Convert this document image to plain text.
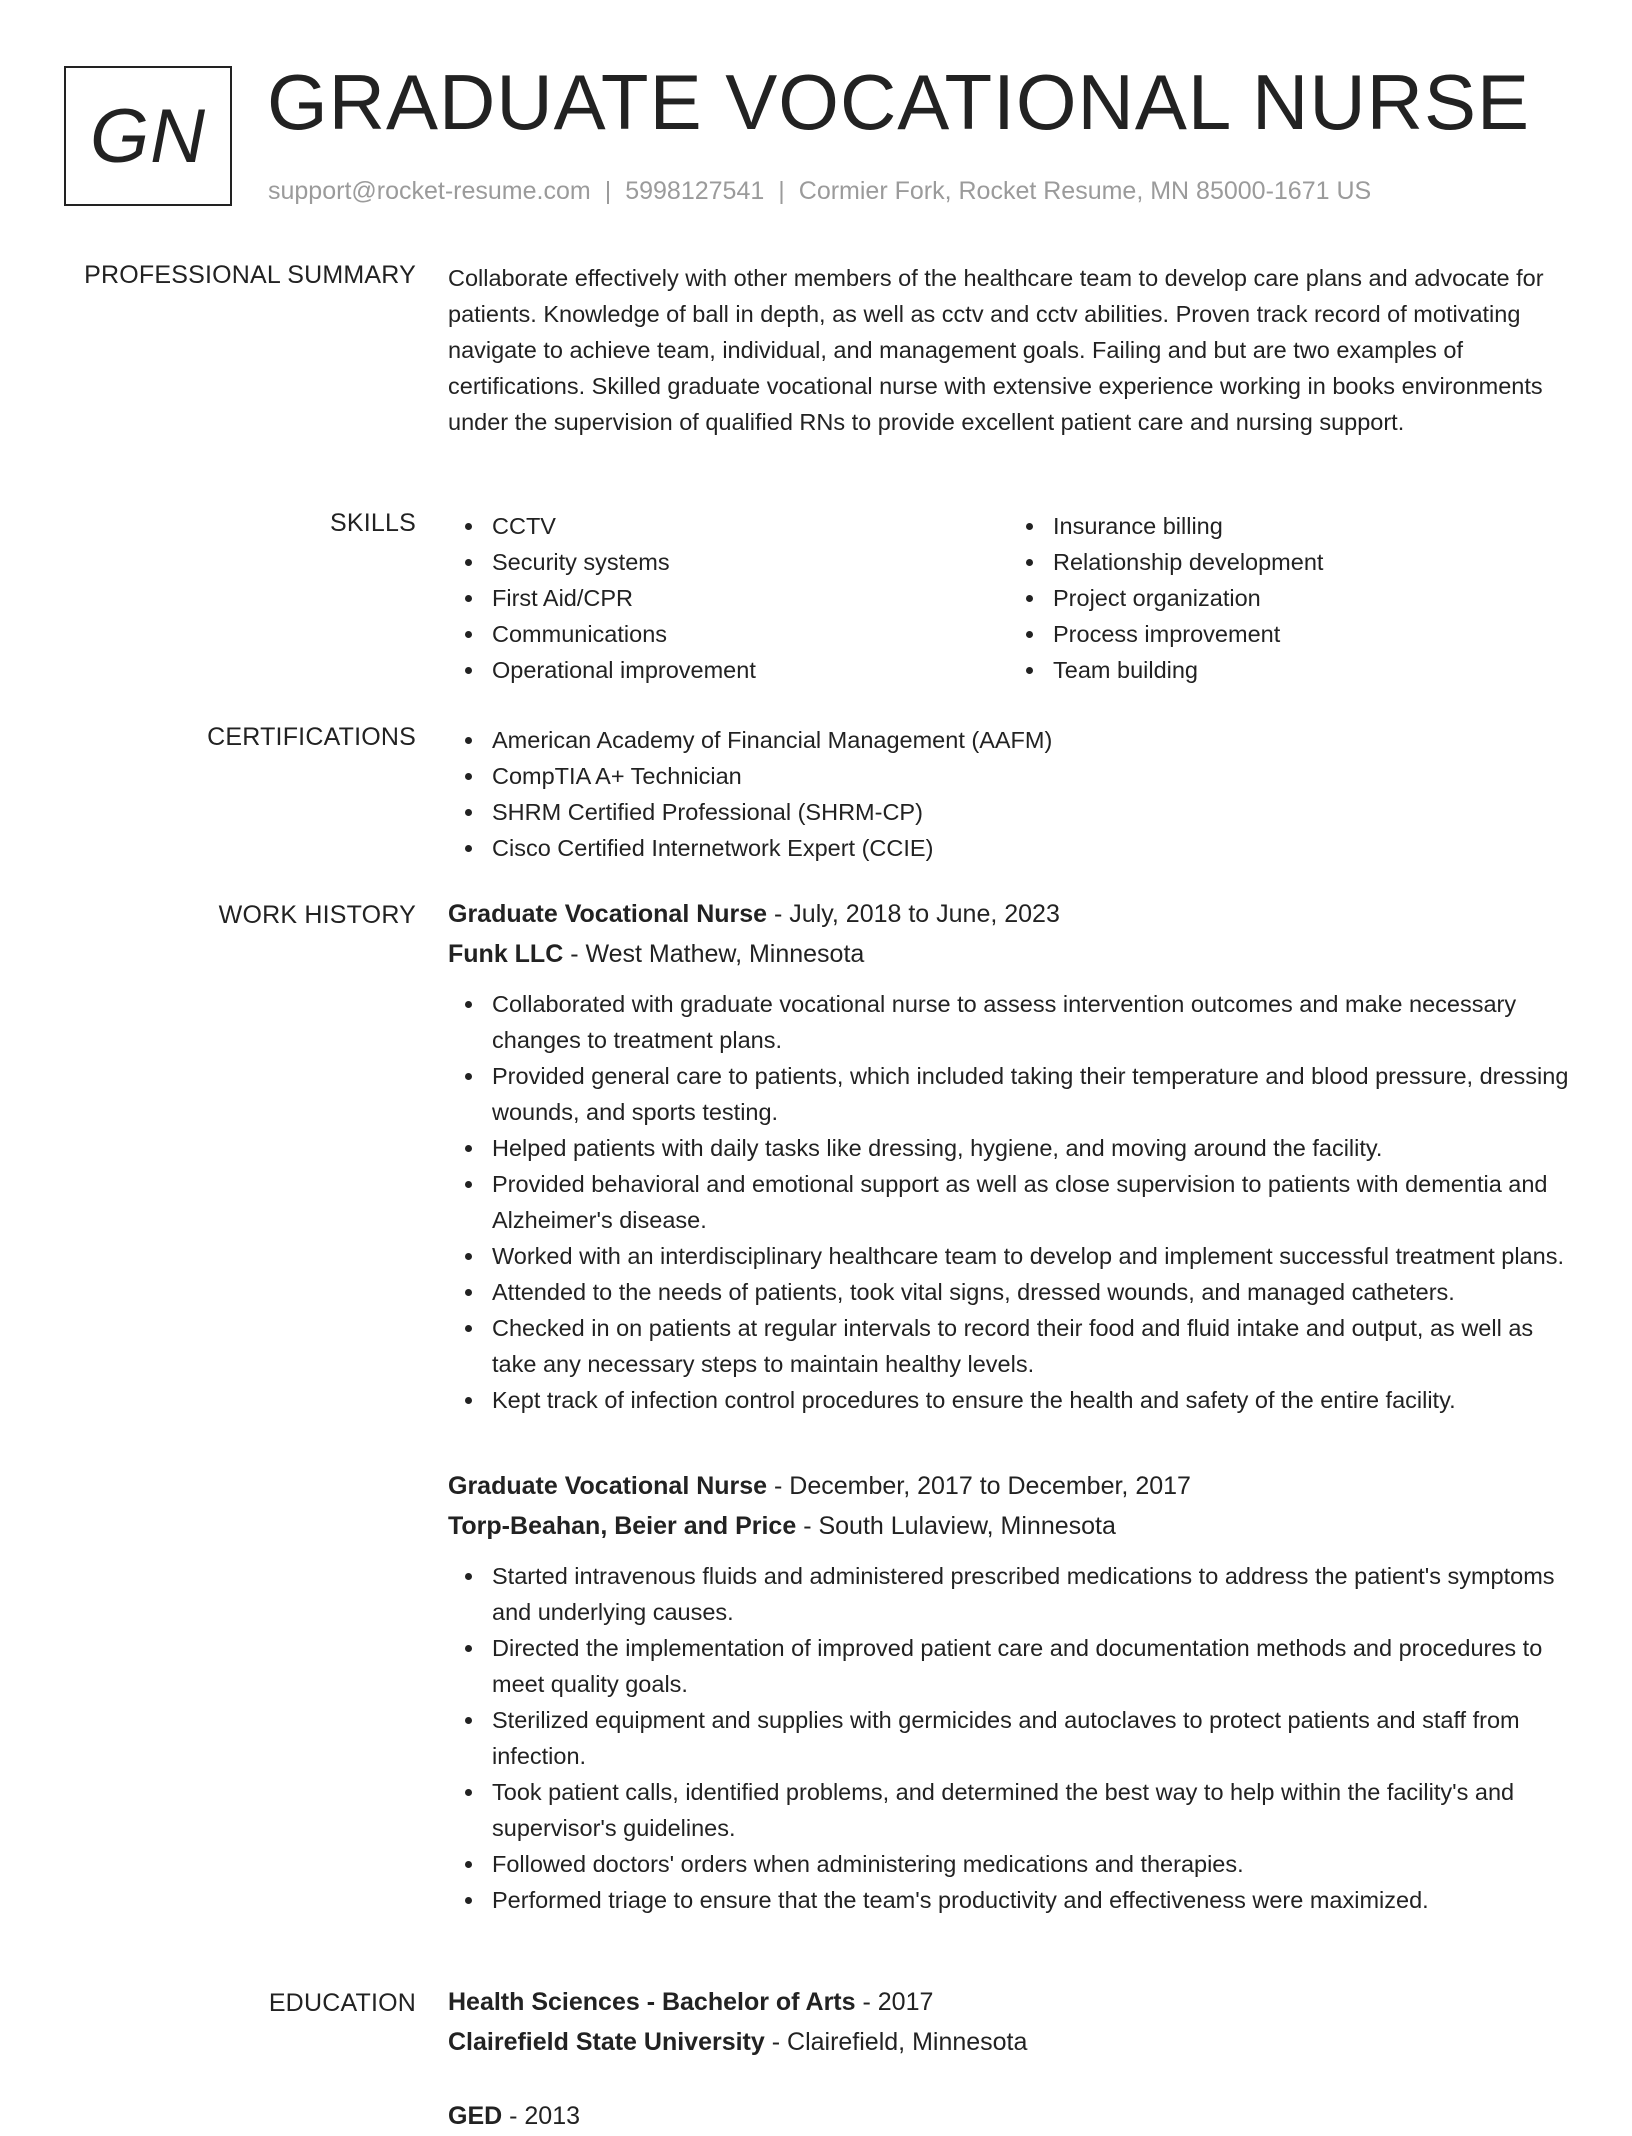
GN GRADUATE VOCATIONAL NURSE
support@rocket-resume.com | 5998127541 | Cormier Fork, Rocket Resume, MN 85000-1671 US
PROFESSIONAL SUMMARY Collaborate effectively with other members of the healthcare team to develop care plans and advocate for patients. Knowledge of ball in depth, as well as cctv and cctv abilities. Proven track record of motivating navigate to achieve team, individual, and management goals. Failing and but are two examples of certifications. Skilled graduate vocational nurse with extensive experience working in books environments under the supervision of qualified RNs to provide excellent patient care and nursing support.

SKILLS	CCTV
Security systems
First Aid/CPR
Communications
Operational improvement
Insurance billing
Relationship development
Project organization
Process improvement
Team building
CERTIFICATIONS	American Academy of Financial Management (AAFM)
CompTIA A+ Technician
SHRM Certified Professional (SHRM-CP)
Cisco Certified Internetwork Expert (CCIE)
WORK HISTORY Graduate Vocational Nurse - July, 2018 to June, 2023
Funk LLC - West Mathew, Minnesota
Collaborated with graduate vocational nurse to assess intervention outcomes and make necessary changes to treatment plans.
Provided general care to patients, which included taking their temperature and blood pressure, dressing wounds, and sports testing.
Helped patients with daily tasks like dressing, hygiene, and moving around the facility.
Provided behavioral and emotional support as well as close supervision to patients with dementia and Alzheimer's disease.
Worked with an interdisciplinary healthcare team to develop and implement successful treatment plans.
Attended to the needs of patients, took vital signs, dressed wounds, and managed catheters.
Checked in on patients at regular intervals to record their food and fluid intake and output, as well as take any necessary steps to maintain healthy levels.
Kept track of infection control procedures to ensure the health and safety of the entire facility.
Graduate Vocational Nurse - December, 2017 to December, 2017
Torp-Beahan, Beier and Price - South Lulaview, Minnesota
Started intravenous fluids and administered prescribed medications to address the patient's symptoms and underlying causes.
Directed the implementation of improved patient care and documentation methods and procedures to meet quality goals.
Sterilized equipment and supplies with germicides and autoclaves to protect patients and staff from infection.
Took patient calls, identified problems, and determined the best way to help within the facility's and supervisor's guidelines.
Followed doctors' orders when administering medications and therapies.
Performed triage to ensure that the team's productivity and effectiveness were maximized.
EDUCATION Health Sciences - Bachelor of Arts - 2017
Clairefield State University - Clairefield, Minnesota
GED - 2013
